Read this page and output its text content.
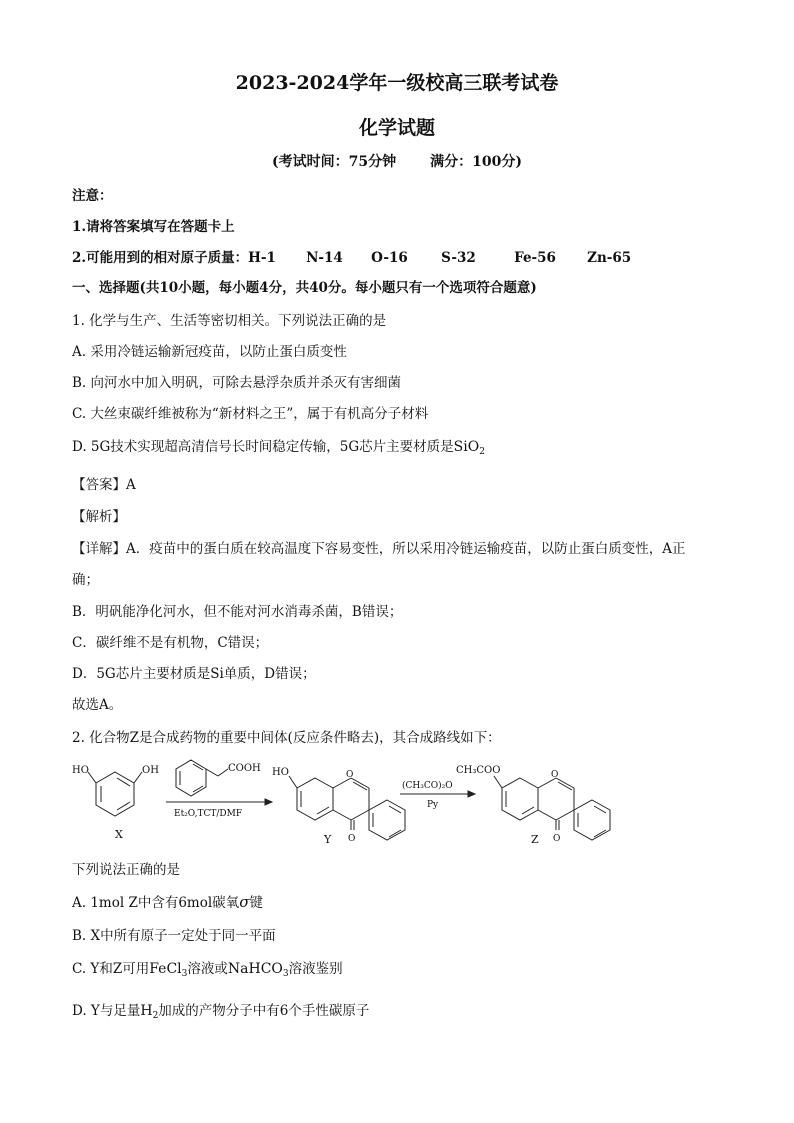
2023-2024学年一级校高三联考试卷
化学试题
(考试时间：75分钟 满分：100分)
注意：
1.请将答案填写在答题卡上
2.可能用到的相对原子质量：H-1 N-14 O-16 S-32	Fe-56 Zn-65
一、选择题(共10小题，每小题4分，共40分。每小题只有一个选项符合题意)
1. 化学与生产、生活等密切相关。下列说法正确的是
A. 采用冷链运输新冠疫苗，以防止蛋白质变性
B. 向河水中加入明矾，可除去悬浮杂质并杀灭有害细菌
C. 大丝束碳纤维被称为“新材料之王”，属于有机高分子材料
D. 5G技术实现超高清信号长时间稳定传输，5G芯片主要材质是SiO$_2$
【答案】A
【解析】
【详解】A．疫苗中的蛋白质在较高温度下容易变性，所以采用冷链运输疫苗，以防止蛋白质变性，A正
确；
B．明矾能净化河水，但不能对河水消毒杀菌，B错误；
C．碳纤维不是有机物，C错误；
D．5G芯片主要材质是Si单质，D错误；
故选A。
2. 化合物Z是合成药物的重要中间体(反应条件略去)，其合成路线如下：
HO	OH	COOH
Et₂O,TCT/DMF
HO	O
O
(CH₃CO)₂O
Py
CH₃COO	O
O
X	Y	Z
下列说法正确的是
A. 1mol Z中含有6mol碳氧σ键
B. X中所有原子一定处于同一平面
C. Y和Z可用FeCl$_3$溶液或NaHCO$_3$溶液鉴别
D. Y与足量$H_2$加成的产物分子中有6个手性碳原子
